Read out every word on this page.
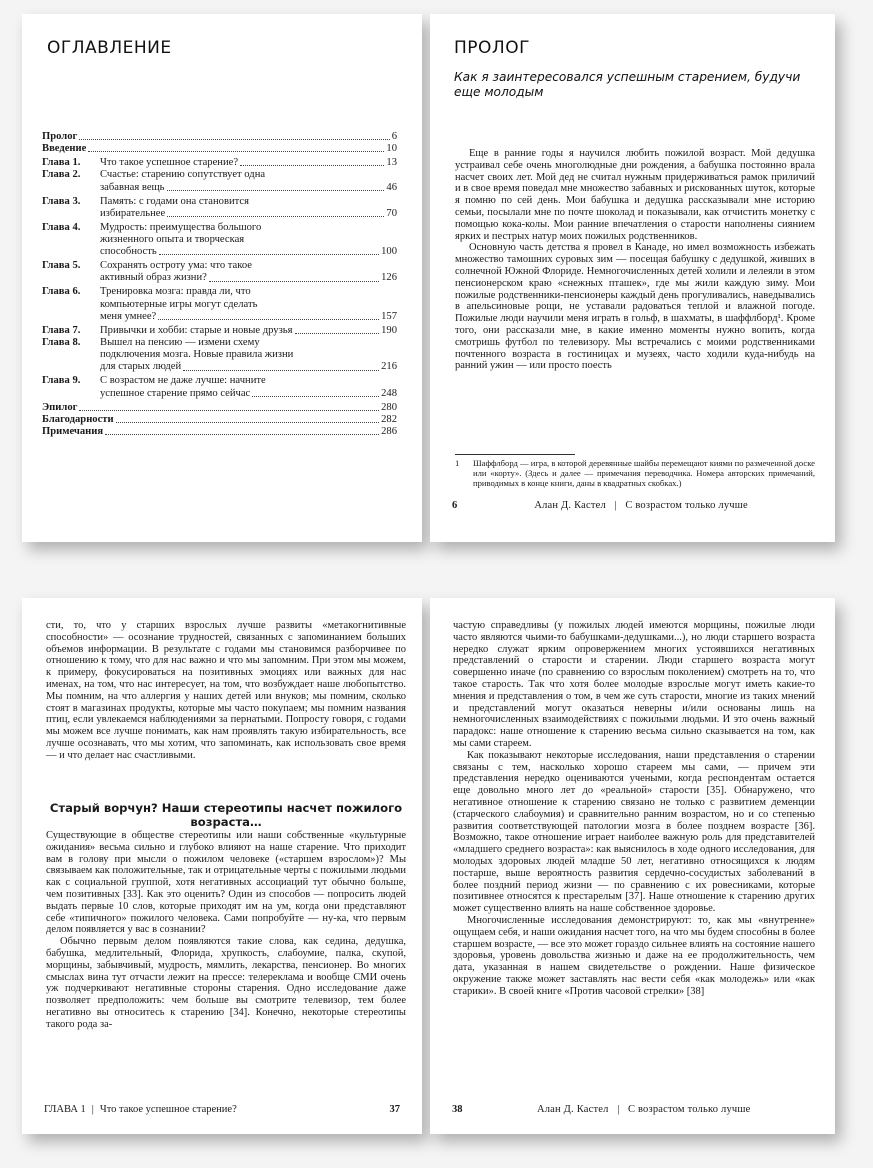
ОГЛАВЛЕНИЕ
Пролог	6
Введение	10
Глава 1.	Что такое успешное старение?	13
Глава 2.	Счастье: старению сопутствует одна
забавная вещь	46
Глава 3.	Память: с годами она становится
избирательнее	70
Глава 4.	Мудрость: преимущества большого
жизненного опыта и творческая
способность	100
Глава 5.	Сохранять остроту ума: что такое
активный образ жизни?	126
Глава 6.	Тренировка мозга: правда ли, что
компьютерные игры могут сделать
меня умнее?	157
Глава 7.	Привычки и хобби: старые и новые друзья	190
Глава 8.	Вышел на пенсию — измени схему
подключения мозга. Новые правила жизни
для старых людей	216
Глава 9.	С возрастом не даже лучше: начните
успешное старение прямо сейчас	248
Эпилог	280
Благодарности	282
Примечания	286
ПРОЛОГ
Как я заинтересовался успешным старением, будучи еще молодым

Еще в ранние годы я научился любить пожилой возраст. Мой дедушка устраивал себе очень многолюдные дни рождения, а бабушка постоянно врала насчет своих лет. Мой дед не считал нужным придерживаться рамок приличий и в свое время поведал мне множество забавных и рискованных шуток, которые я помню по сей день. Мои бабушка и дедушка рассказывали мне историю семьи, посылали мне по почте шоколад и показывали, как отчистить монетку с помощью кока-колы. Мои ранние впечатления о старости наполнены сиянием ярких и пестрых натур моих пожилых родственников.

Основную часть детства я провел в Канаде, но имел возможность избежать множество тамошних суровых зим — посещая бабушку с дедушкой, живших в солнечной Южной Флориде. Немногочисленных детей холили и лелеяли в этом пенсионерском краю «снежных пташек», где мы жили каждую зиму. Мои пожилые родственники-пенсионеры каждый день прогуливались, наведывались в апельсиновые рощи, не уставали радоваться теплой и влажной погоде. Пожилые люди научили меня играть в гольф, в шахматы, в шаффлборд¹. Кроме того, они рассказали мне, в какие именно моменты нужно вопить, когда смотришь футбол по телевизору. Мы встречались с моими родственниками почтенного возраста в гостиницах и музеях, часто ходили куда-нибудь на ранний ужин — или просто поесть

1	Шаффлборд — игра, в которой деревянные шайбы перемещают киями по размеченной доске или «корту». (Здесь и далее — примечания переводчика. Номера авторских примечаний, приводимых в конце книги, даны в квадратных скобках.)
6	Алан Д. Кастел | С возрастом только лучше

сти, то, что у старших взрослых лучше развиты «метакогнитивные способности» — осознание трудностей, связанных с запоминанием больших объемов информации. В результате с годами мы становимся разборчивее по отношению к тому, что для нас важно и что мы запомним. При этом мы можем, к примеру, фокусироваться на позитивных эмоциях или важных для нас именах, на том, что нас интересует, на том, что возбуждает наше любопытство. Мы помним, на что аллергия у наших детей или внуков; мы помним, сколько стоят в магазинах продукты, которые мы часто покупаем; мы помним названия птиц, если увлекаемся наблюдениями за пернатыми. Попросту говоря, с годами мы можем все лучше понимать, как нам проявлять такую избирательность, все лучше осознавать, что мы хотим, что запоминать, как использовать свое время — и что делает нас счастливыми.

Старый ворчун? Наши стереотипы насчет пожилого возраста…

Существующие в обществе стереотипы или наши собственные «культурные ожидания» весьма сильно и глубоко влияют на наше старение. Что приходит вам в голову при мысли о пожилом человеке («старшем взрослом»)? Мы связываем как положительные, так и отрицательные черты с пожилыми людьми как с социальной группой, хотя негативных ассоциаций тут обычно больше, чем позитивных [33]. Как это оценить? Один из способов — попросить людей выдать первые 10 слов, которые приходят им на ум, когда они представляют себе «типичного» пожилого человека. Сами попробуйте — ну-ка, что первым делом появляется у вас в сознании?

Обычно первым делом появляются такие слова, как седина, дедушка, бабушка, медлительный, Флорида, хрупкость, слабоумие, палка, скупой, морщины, забывчивый, мудрость, мямлить, лекарства, пенсионер. Во многих смыслах вина тут отчасти лежит на прессе: телереклама и вообще СМИ очень уж подчеркивают негативные стороны старения. Одно исследование даже позволяет предположить: чем больше вы смотрите телевизор, тем более негативно вы относитесь к старению [34]. Конечно, некоторые стереотипы такого рода за-

ГЛАВА 1 | Что такое успешное старение?	37

частую справедливы (у пожилых людей имеются морщины, пожилые люди часто являются чьими-то бабушками-дедушками...), но люди старшего возраста нередко служат ярким опровержением многих устоявшихся негативных представлений о старости и старении. Люди старшего возраста могут совершенно иначе (по сравнению со взрослым поколением) смотреть на то, что такое старость. Так что хотя более молодые взрослые могут иметь какие-то мнения и представления о том, в чем же суть старости, многие из таких мнений и представлений могут оказаться неверны и/или основаны лишь на немногочисленных взаимодействиях с пожилыми людьми. И это очень важный парадокс: наше отношение к старению весьма сильно сказывается на том, как мы сами стареем.

Как показывают некоторые исследования, наши представления о старении связаны с тем, насколько хорошо стареем мы сами, — причем эти представления нередко оцениваются учеными, когда респондентам остается еще довольно много лет до «реальной» старости [35]. Обнаружено, что негативное отношение к старению связано не только с развитием деменции (старческого слабоумия) и сравнительно ранним возрастом, но и со степенью развития соответствующей патологии мозга в более позднем возрасте [36]. Возможно, такое отношение играет наиболее важную роль для представителей «младшего среднего возраста»: как выяснилось в ходе одного исследования, для молодых здоровых людей младше 50 лет, негативно относящихся к людям постарше, выше вероятность развития сердечно-сосудистых заболеваний в более поздний период жизни — по сравнению с их ровесниками, которые позитивнее относятся к престарелым [37]. Наше отношение к старению других может существенно влиять на наше собственное здоровье.

Многочисленные исследования демонстрируют: то, как мы «внутренне» ощущаем себя, и наши ожидания насчет того, на что мы будем способны в более старшем возрасте, — все это может гораздо сильнее влиять на состояние нашего здоровья, уровень довольства жизнью и даже на ее продолжительность, чем дата, указанная в нашем свидетельстве о рождении. Наше физическое окружение также может заставлять нас вести себя «как молодежь» или «как старики». В своей книге «Против часовой стрелки» [38]

38	Алан Д. Кастел | С возрастом только лучше
